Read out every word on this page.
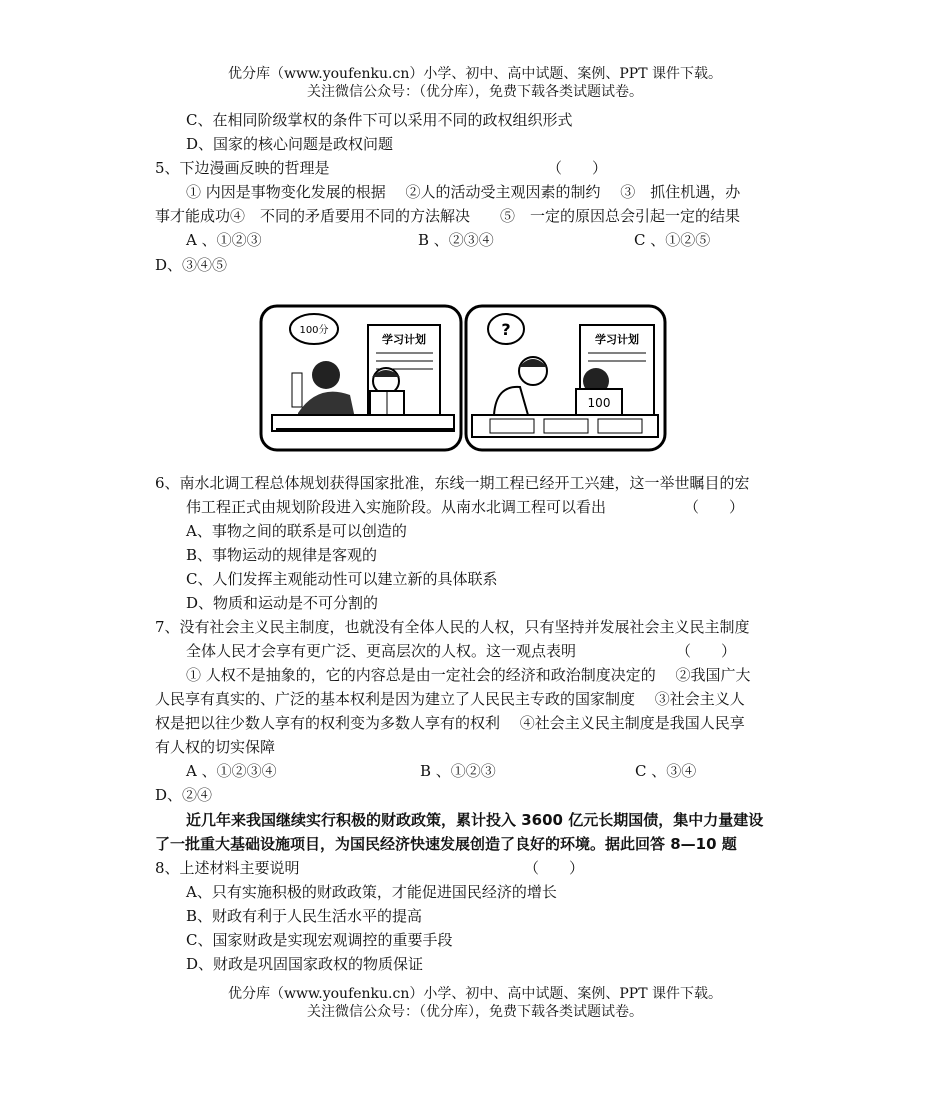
优分库（www.youfenku.cn）小学、初中、高中试题、案例、PPT 课件下载。
关注微信公众号：（优分库），免费下载各类试题试卷。
C、在相同阶级掌权的条件下可以采用不同的政权组织形式
D、国家的核心问题是政权问题
5、下边漫画反映的哲理是	（　　）
① 内因是事物变化发展的根据　 ②人的活动受主观因素的制约　 ③　抓住机遇，办
事才能成功④　不同的矛盾要用不同的方法解决　　⑤　一定的原因总会引起一定的结果
A 、①②③	B 、②③④	C 、①②⑤
D、③④⑤
100分
学习计划
?
学习计划
100
6、南水北调工程总体规划获得国家批准，东线一期工程已经开工兴建，这一举世瞩目的宏
伟工程正式由规划阶段进入实施阶段。从南水北调工程可以看出	（　　）
A、事物之间的联系是可以创造的
B、事物运动的规律是客观的
C、人们发挥主观能动性可以建立新的具体联系
D、物质和运动是不可分割的
7、没有社会主义民主制度，也就没有全体人民的人权，只有坚持并发展社会主义民主制度
全体人民才会享有更广泛、更高层次的人权。这一观点表明	（　　）
① 人权不是抽象的，它的内容总是由一定社会的经济和政治制度决定的　 ②我国广大
人民享有真实的、广泛的基本权利是因为建立了人民民主专政的国家制度　 ③社会主义人
权是把以往少数人享有的权利变为多数人享有的权利　 ④社会主义民主制度是我国人民享
有人权的切实保障
A 、①②③④	B 、①②③	C 、③④
D、②④
近几年来我国继续实行积极的财政政策，累计投入 3600 亿元长期国债，集中力量建设
了一批重大基础设施项目，为国民经济快速发展创造了良好的环境。据此回答 8—10 题
8、上述材料主要说明	（　　）
A、只有实施积极的财政政策，才能促进国民经济的增长
B、财政有利于人民生活水平的提高
C、国家财政是实现宏观调控的重要手段
D、财政是巩固国家政权的物质保证
优分库（www.youfenku.cn）小学、初中、高中试题、案例、PPT 课件下载。
关注微信公众号：（优分库），免费下载各类试题试卷。
